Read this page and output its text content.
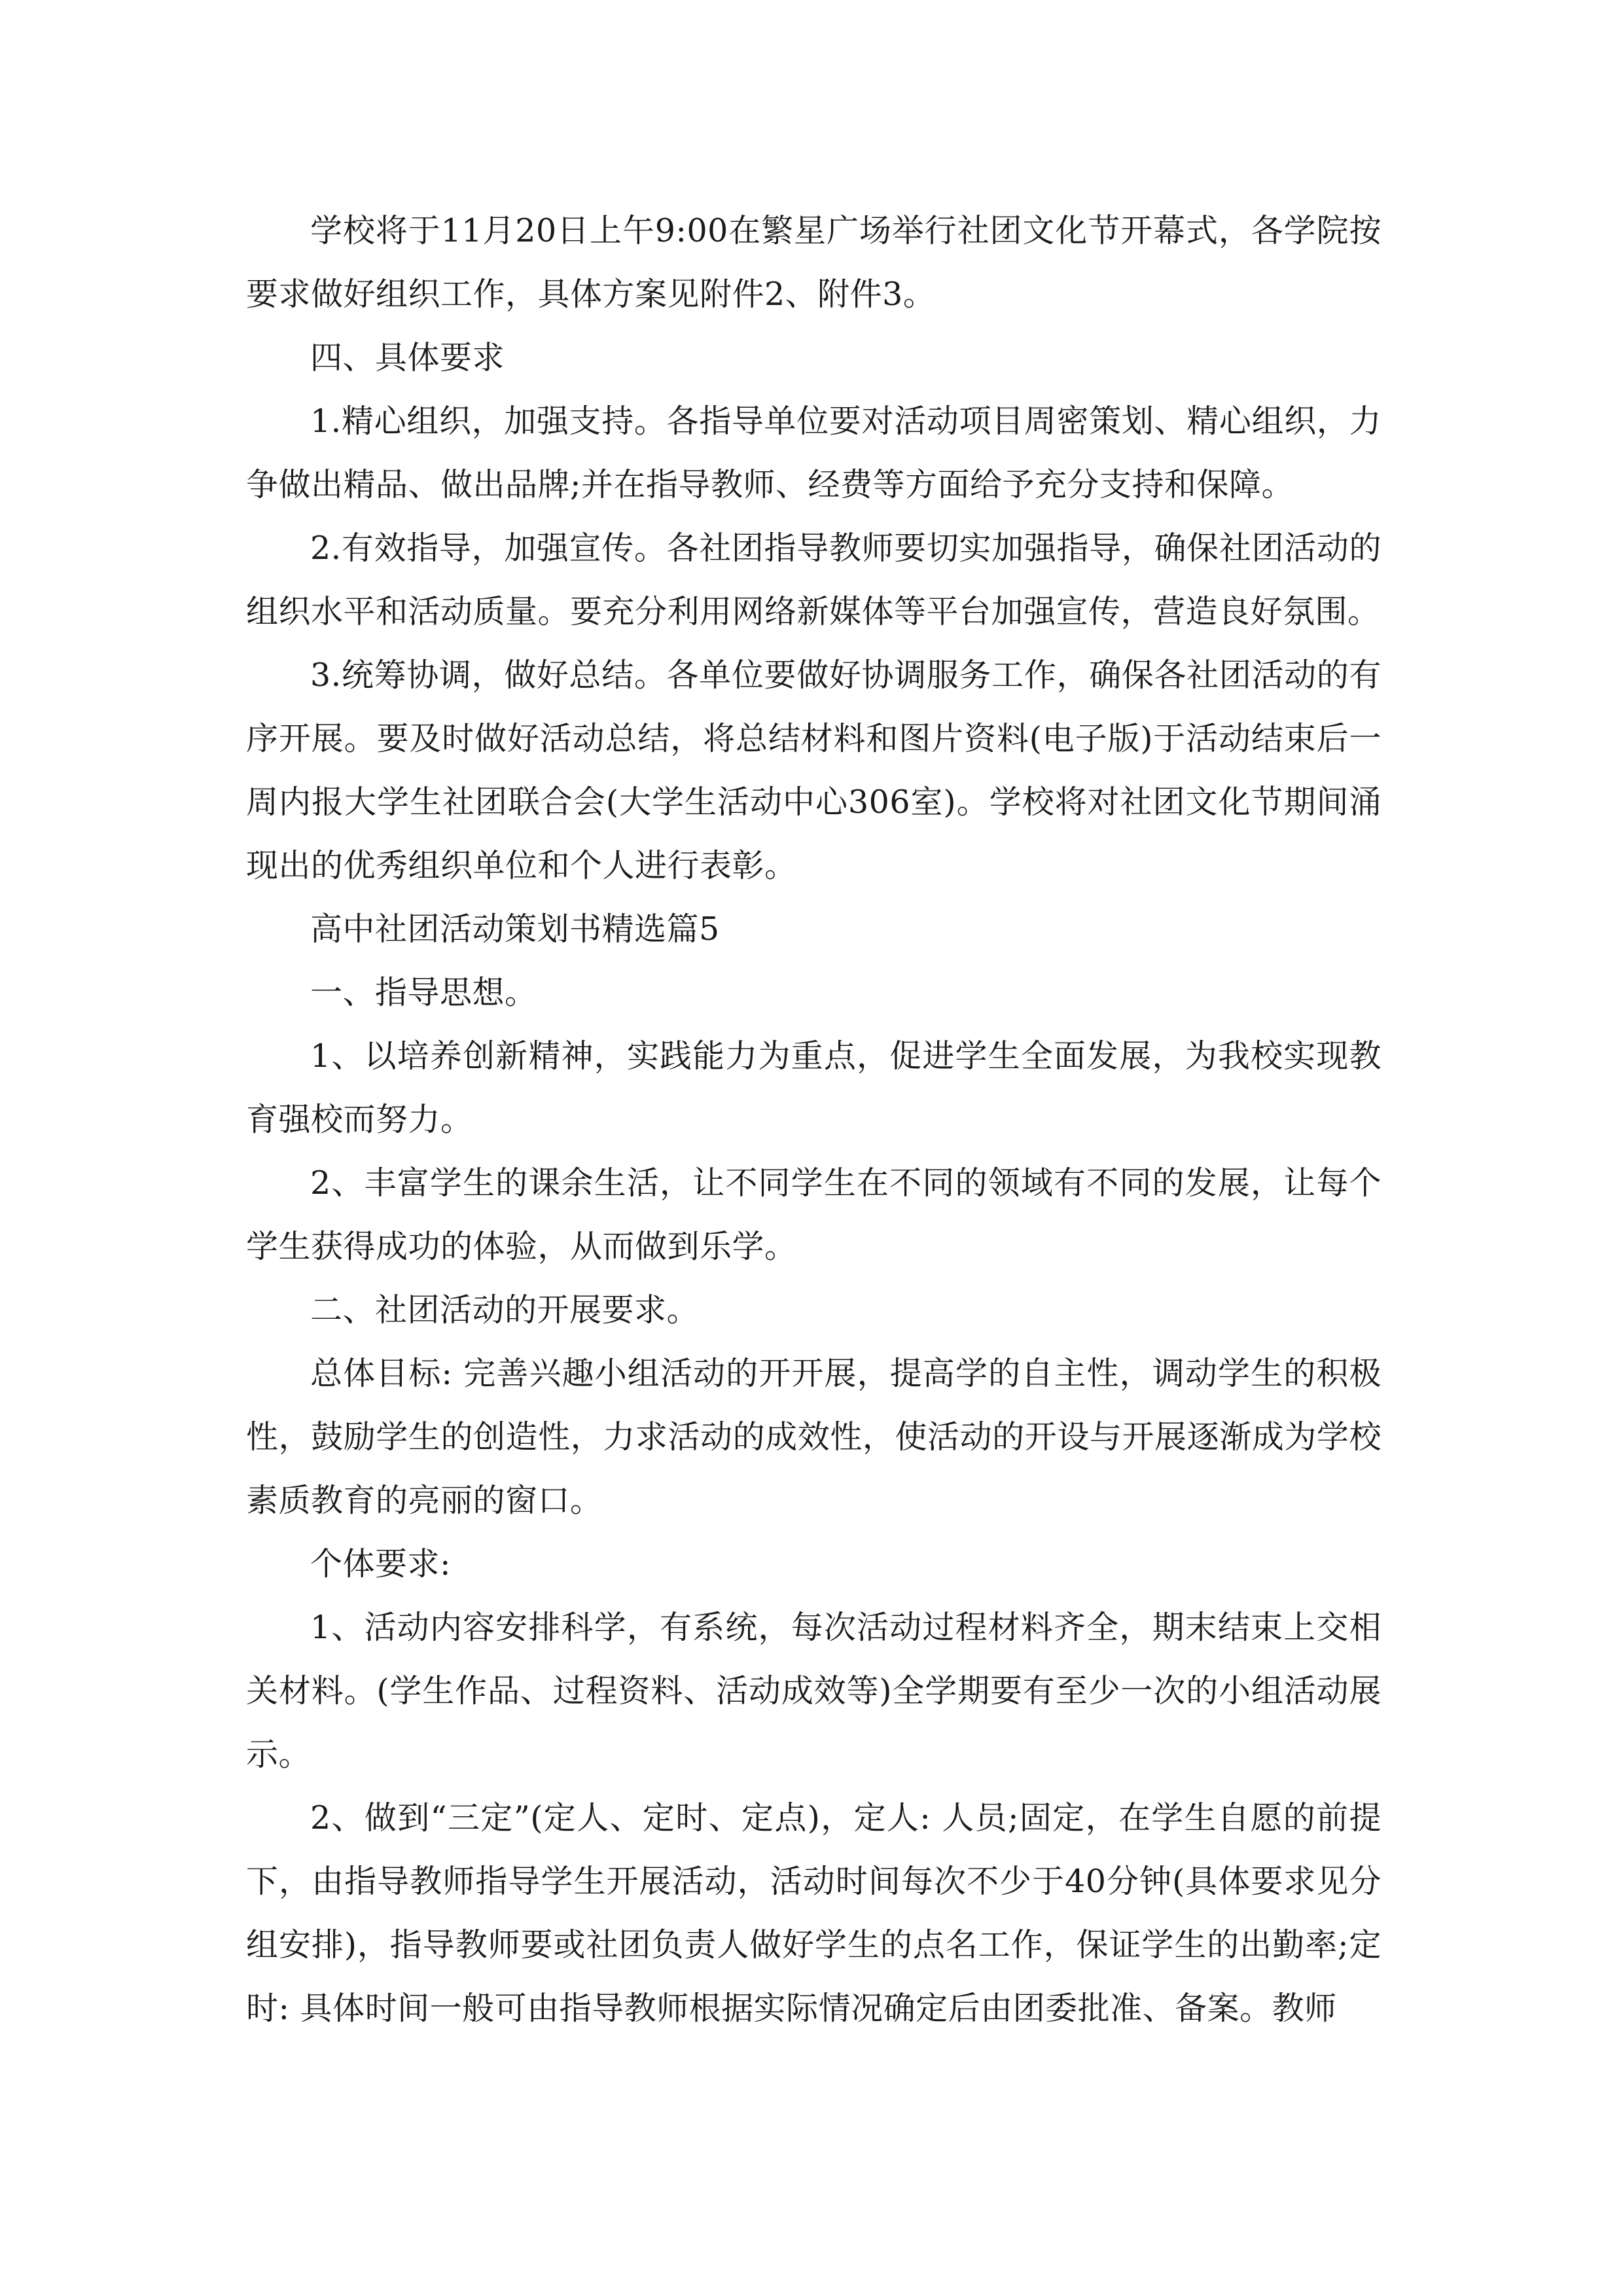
学校将于11月20日上午9:00在繁星广场举行社团文化节开幕式，各学院按要求做好组织工作，具体方案见附件2、附件3。

四、具体要求

1.精心组织，加强支持。各指导单位要对活动项目周密策划、精心组织，力争做出精品、做出品牌;并在指导教师、经费等方面给予充分支持和保障。

2.有效指导，加强宣传。各社团指导教师要切实加强指导，确保社团活动的组织水平和活动质量。要充分利用网络新媒体等平台加强宣传，营造良好氛围。

3.统筹协调，做好总结。各单位要做好协调服务工作，确保各社团活动的有序开展。要及时做好活动总结，将总结材料和图片资料(电子版)于活动结束后一周内报大学生社团联合会(大学生活动中心306室)。学校将对社团文化节期间涌现出的优秀组织单位和个人进行表彰。

高中社团活动策划书精选篇5

一、指导思想。

1、以培养创新精神，实践能力为重点，促进学生全面发展，为我校实现教育强校而努力。

2、丰富学生的课余生活，让不同学生在不同的领域有不同的发展，让每个学生获得成功的体验，从而做到乐学。

二、社团活动的开展要求。

总体目标: 完善兴趣小组活动的开开展，提高学的自主性，调动学生的积极性，鼓励学生的创造性，力求活动的成效性，使活动的开设与开展逐渐成为学校素质教育的亮丽的窗口。

个体要求:

1、活动内容安排科学，有系统，每次活动过程材料齐全，期末结束上交相关材料。(学生作品、过程资料、活动成效等)全学期要有至少一次的小组活动展示。

2、做到“三定”(定人、定时、定点)，定人: 人员;固定，在学生自愿的前提下，由指导教师指导学生开展活动，活动时间每次不少于40分钟(具体要求见分组安排)，指导教师要或社团负责人做好学生的点名工作，保证学生的出勤率;定时: 具体时间一般可由指导教师根据实际情况确定后由团委批准、备案。教师
